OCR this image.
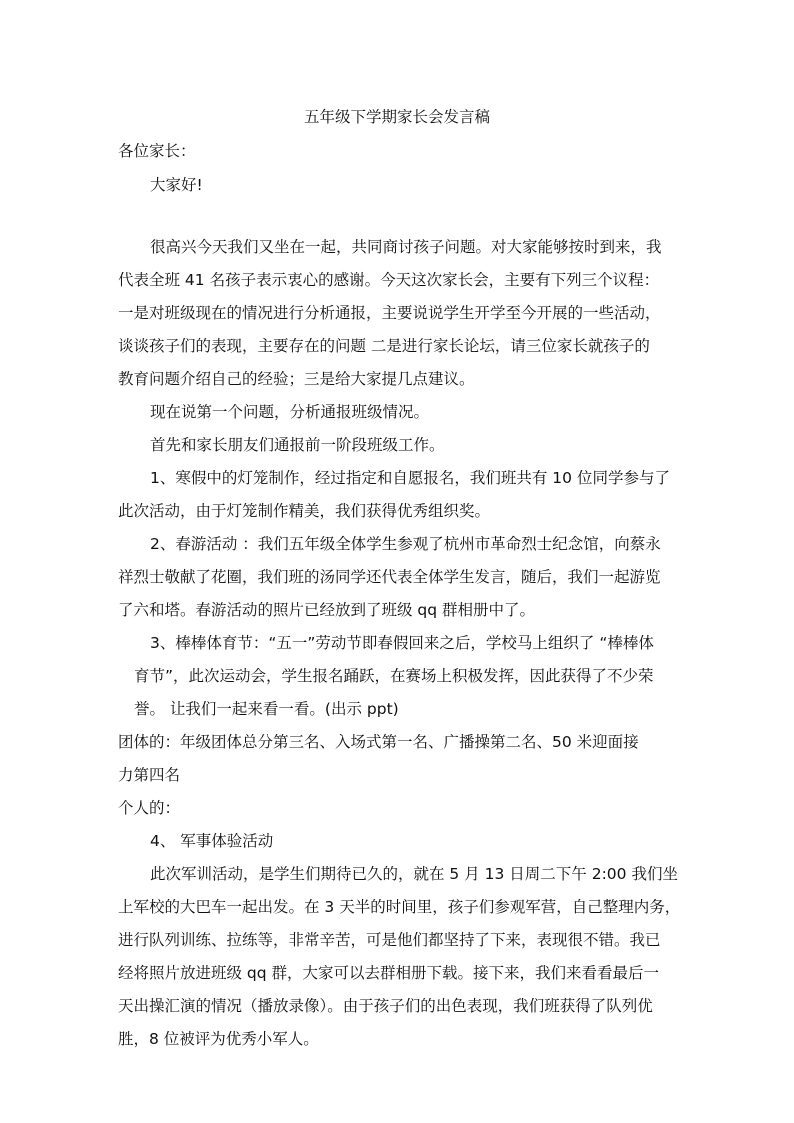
五年级下学期家长会发言稿
各位家长：
大家好!
很高兴今天我们又坐在一起，共同商讨孩子问题。对大家能够按时到来，我
代表全班 41 名孩子表示衷心的感谢。今天这次家长会，主要有下列三个议程：
一是对班级现在的情况进行分析通报，主要说说学生开学至今开展的一些活动，
谈谈孩子们的表现，主要存在的问题 二是进行家长论坛，请三位家长就孩子的
教育问题介绍自己的经验；三是给大家提几点建议。
现在说第一个问题，分析通报班级情况。
首先和家长朋友们通报前一阶段班级工作。
1、寒假中的灯笼制作，经过指定和自愿报名，我们班共有 10 位同学参与了
此次活动，由于灯笼制作精美，我们获得优秀组织奖。
2、春游活动 ：我们五年级全体学生参观了杭州市革命烈士纪念馆，向蔡永
祥烈士敬献了花圈，我们班的汤同学还代表全体学生发言，随后，我们一起游览
了六和塔。春游活动的照片已经放到了班级 qq 群相册中了。
3、棒棒体育节：“五一”劳动节即春假回来之后，学校马上组织了 “棒棒体
育节”，此次运动会，学生报名踊跃，在赛场上积极发挥，因此获得了不少荣
誉。 让我们一起来看一看。(出示 ppt)
团体的：年级团体总分第三名、入场式第一名、广播操第二名、50 米迎面接
力第四名
个人的：
4、 军事体验活动
此次军训活动，是学生们期待已久的，就在 5 月 13 日周二下午 2:00 我们坐
上军校的大巴车一起出发。在 3 天半的时间里，孩子们参观军营，自己整理内务，
进行队列训练、拉练等，非常辛苦，可是他们都坚持了下来，表现很不错。我已
经将照片放进班级 qq 群，大家可以去群相册下载。接下来，我们来看看最后一
天出操汇演的情况（播放录像）。由于孩子们的出色表现，我们班获得了队列优
胜，8 位被评为优秀小军人。
